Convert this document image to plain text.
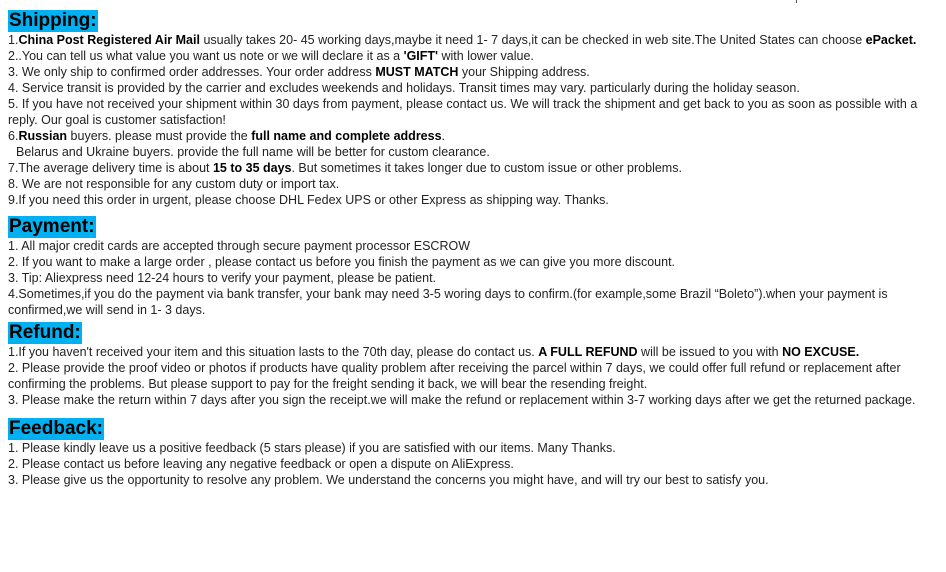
Shipping:
1.China Post Registered Air Mail usually takes 20- 45 working days,maybe it need 1- 7 days,it can be checked in web site.The United States can choose ePacket.
2..You can tell us what value you want us note or we will declare it as a 'GIFT' with lower value.
3. We only ship to confirmed order addresses. Your order address MUST MATCH your Shipping address.
4. Service transit is provided by the carrier and excludes weekends and holidays. Transit times may vary. particularly during the holiday season.
5. If you have not received your shipment within 30 days from payment, please contact us. We will track the shipment and get back to you as soon as possible with a reply. Our goal is customer satisfaction!
6.Russian buyers. please must provide the full name and complete address.
Belarus and Ukraine buyers. provide the full name will be better for custom clearance.
7.The average delivery time is about 15 to 35 days. But sometimes it takes longer due to custom issue or other problems.
8. We are not responsible for any custom duty or import tax.
9.If you need this order in urgent, please choose DHL Fedex UPS or other Express as shipping way. Thanks.
Payment:
1. All major credit cards are accepted through secure payment processor ESCROW
2. If you want to make a large order , please contact us before you finish the payment as we can give you more discount.
3. Tip: Aliexpress need 12-24 hours to verify your payment, please be patient.
4.Sometimes,if you do the payment via bank transfer, your bank may need 3-5 woring days to confirm.(for example,some Brazil “Boleto”).when your payment is confirmed,we will send in 1- 3 days.
Refund:
1.If you haven't received your item and this situation lasts to the 70th day, please do contact us. A FULL REFUND will be issued to you with NO EXCUSE.
2. Please provide the proof video or photos if products have quality problem after receiving the parcel within 7 days, we could offer full refund or replacement after confirming the problems. But please support to pay for the freight sending it back, we will bear the resending freight.
3. Please make the return within 7 days after you sign the receipt.we will make the refund or replacement within 3-7 working days after we get the returned package.
Feedback:
1. Please kindly leave us a positive feedback (5 stars please) if you are satisfied with our items. Many Thanks.
2. Please contact us before leaving any negative feedback or open a dispute on AliExpress.
3. Please give us the opportunity to resolve any problem. We understand the concerns you might have, and will try our best to satisfy you.
